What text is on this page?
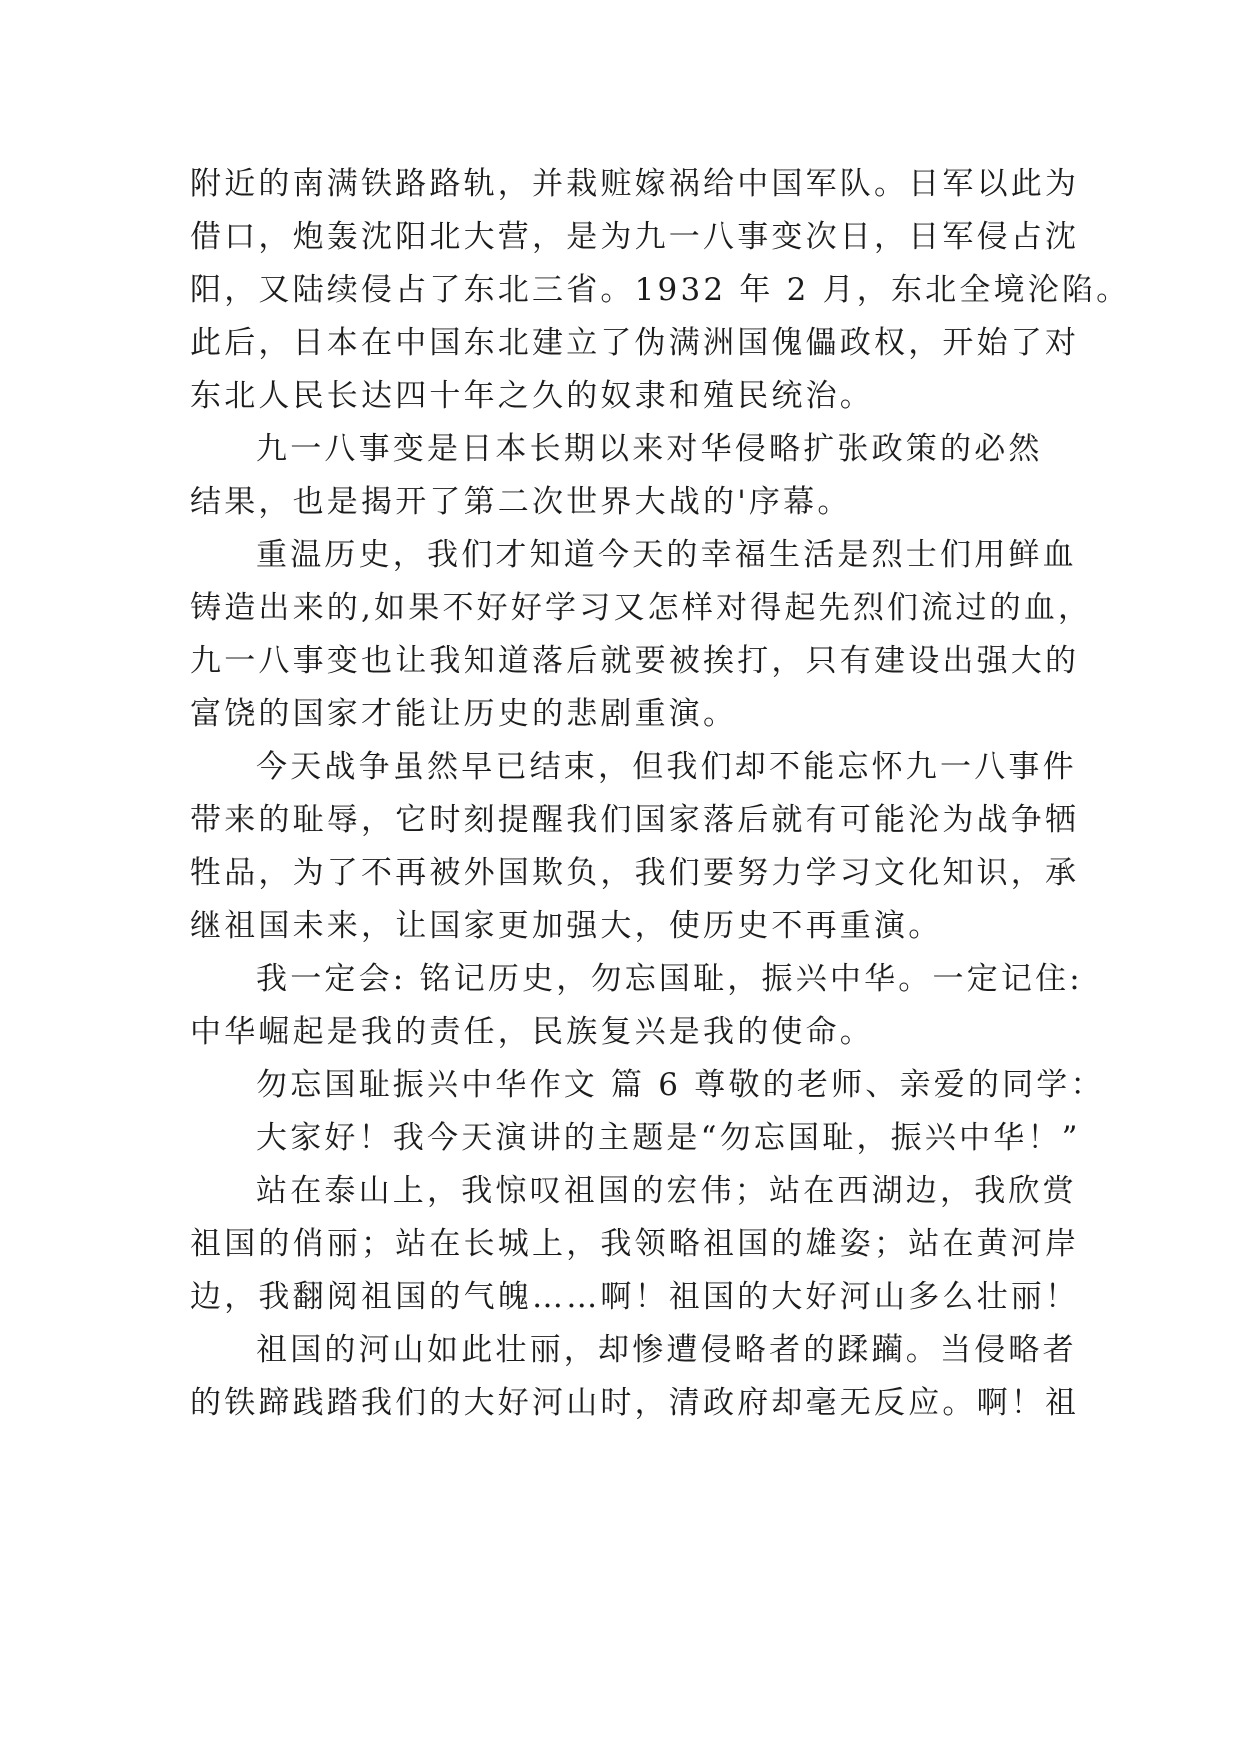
附近的南满铁路路轨，并栽赃嫁祸给中国军队。日军以此为
借口，炮轰沈阳北大营，是为九一八事变次日，日军侵占沈
阳，又陆续侵占了东北三省。1932 年 2 月，东北全境沦陷。
此后，日本在中国东北建立了伪满洲国傀儡政权，开始了对
东北人民长达四十年之久的奴隶和殖民统治。
九一八事变是日本长期以来对华侵略扩张政策的必然
结果，也是揭开了第二次世界大战的'序幕。
重温历史，我们才知道今天的幸福生活是烈士们用鲜血
铸造出来的,如果不好好学习又怎样对得起先烈们流过的血，
九一八事变也让我知道落后就要被挨打，只有建设出强大的
富饶的国家才能让历史的悲剧重演。
今天战争虽然早已结束，但我们却不能忘怀九一八事件
带来的耻辱，它时刻提醒我们国家落后就有可能沦为战争牺
牲品，为了不再被外国欺负，我们要努力学习文化知识，承
继祖国未来，让国家更加强大，使历史不再重演。
我一定会: 铭记历史，勿忘国耻，振兴中华。一定记住:
中华崛起是我的责任，民族复兴是我的使命。
勿忘国耻振兴中华作文 篇 6 尊敬的老师、亲爱的同学：
大家好！我今天演讲的主题是“勿忘国耻，振兴中华！”
站在泰山上，我惊叹祖国的宏伟；站在西湖边，我欣赏
祖国的俏丽；站在长城上，我领略祖国的雄姿；站在黄河岸
边，我翻阅祖国的气魄……啊！祖国的大好河山多么壮丽！
祖国的河山如此壮丽，却惨遭侵略者的蹂躏。当侵略者
的铁蹄践踏我们的大好河山时，清政府却毫无反应。啊！祖
